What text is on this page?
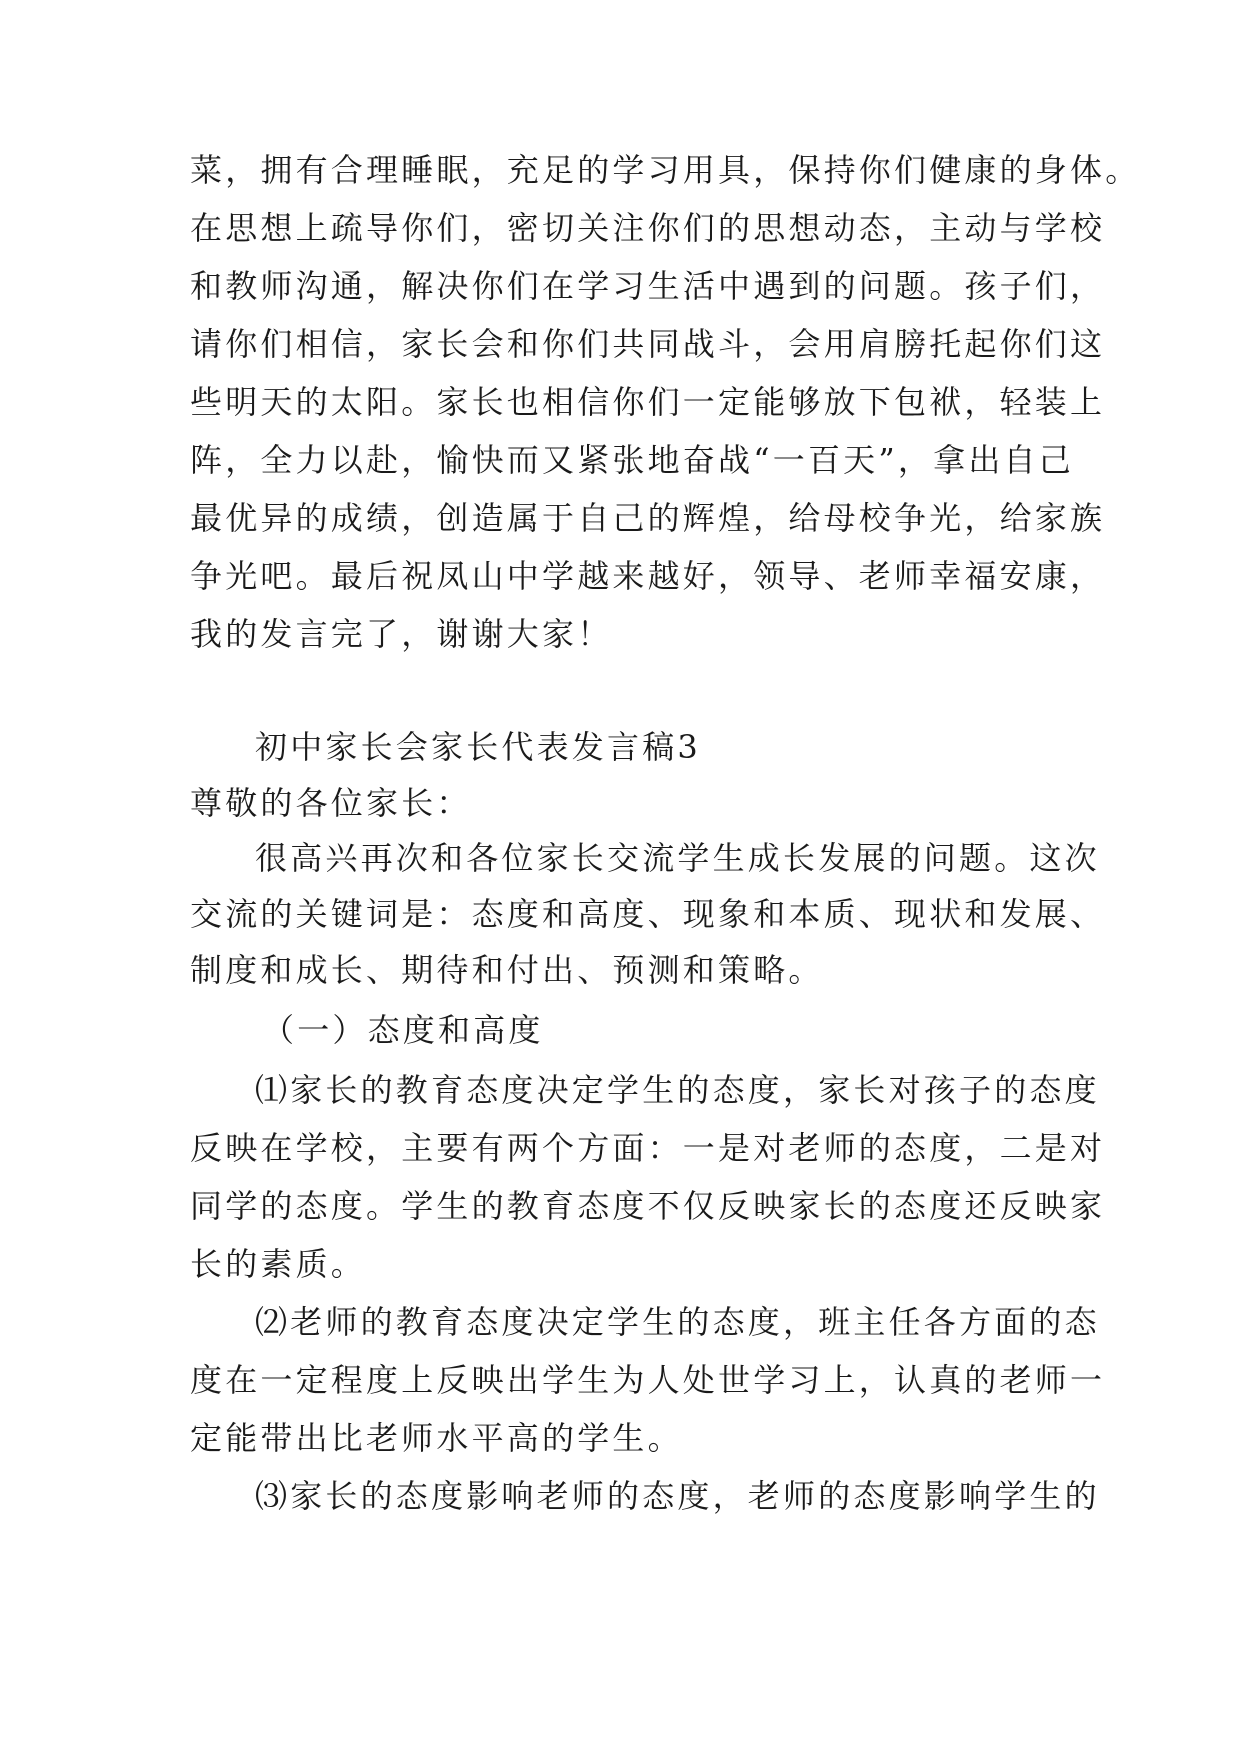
菜，拥有合理睡眠，充足的学习用具，保持你们健康的身体。
在思想上疏导你们，密切关注你们的思想动态，主动与学校
和教师沟通，解决你们在学习生活中遇到的问题。孩子们，
请你们相信，家长会和你们共同战斗，会用肩膀托起你们这
些明天的太阳。家长也相信你们一定能够放下包袱，轻装上
阵，全力以赴，愉快而又紧张地奋战“一百天”，拿出自己
最优异的成绩，创造属于自己的辉煌，给母校争光，给家族
争光吧。最后祝凤山中学越来越好，领导、老师幸福安康，
我的发言完了，谢谢大家！
初中家长会家长代表发言稿3
尊敬的各位家长：
很高兴再次和各位家长交流学生成长发展的问题。这次
交流的关键词是：态度和高度、现象和本质、现状和发展、
制度和成长、期待和付出、预测和策略。
（一）态度和高度
⑴家长的教育态度决定学生的态度，家长对孩子的态度
反映在学校，主要有两个方面：一是对老师的态度，二是对
同学的态度。学生的教育态度不仅反映家长的态度还反映家
长的素质。
⑵老师的教育态度决定学生的态度，班主任各方面的态
度在一定程度上反映出学生为人处世学习上，认真的老师一
定能带出比老师水平高的学生。
⑶家长的态度影响老师的态度，老师的态度影响学生的
